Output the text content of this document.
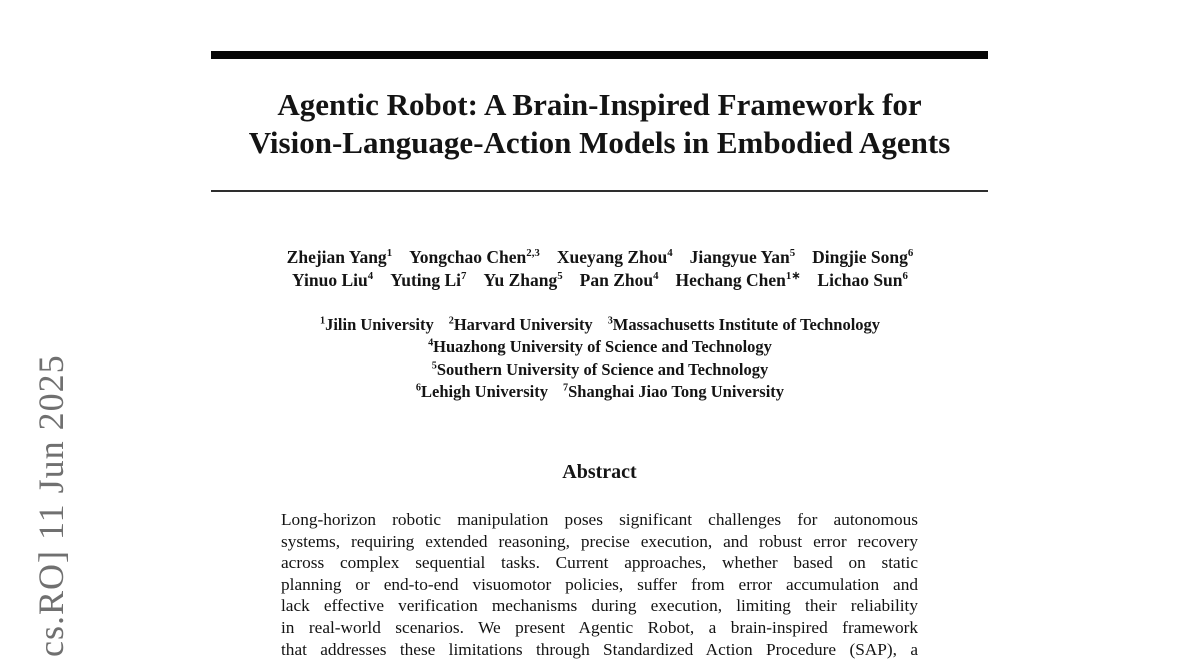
cs.RO] 11 Jun 2025
Agentic Robot: A Brain-Inspired Framework for
Vision-Language-Action Models in Embodied Agents
Zhejian Yang$^1$ Yongchao Chen$^{2,3}$ Xueyang Zhou$^4$ Jiangyue Yan$^5$ Dingjie Song$^6$
Yinuo Liu$^4$ Yuting Li$^7$ Yu Zhang$^5$ Pan Zhou$^4$ Hechang Chen$^{1∗}$ Lichao Sun$^6$
$^1$Jilin University $^2$Harvard University $^3$Massachusetts Institute of Technology
$^4$Huazhong University of Science and Technology
$^5$Southern University of Science and Technology
$^6$Lehigh University $^7$Shanghai Jiao Tong University
Abstract
Long-horizon robotic manipulation poses significant challenges for autonomous
systems, requiring extended reasoning, precise execution, and robust error recovery
across complex sequential tasks. Current approaches, whether based on static
planning or end-to-end visuomotor policies, suffer from error accumulation and
lack effective verification mechanisms during execution, limiting their reliability
in real-world scenarios. We present Agentic Robot, a brain-inspired framework
that addresses these limitations through Standardized Action Procedure (SAP), a
